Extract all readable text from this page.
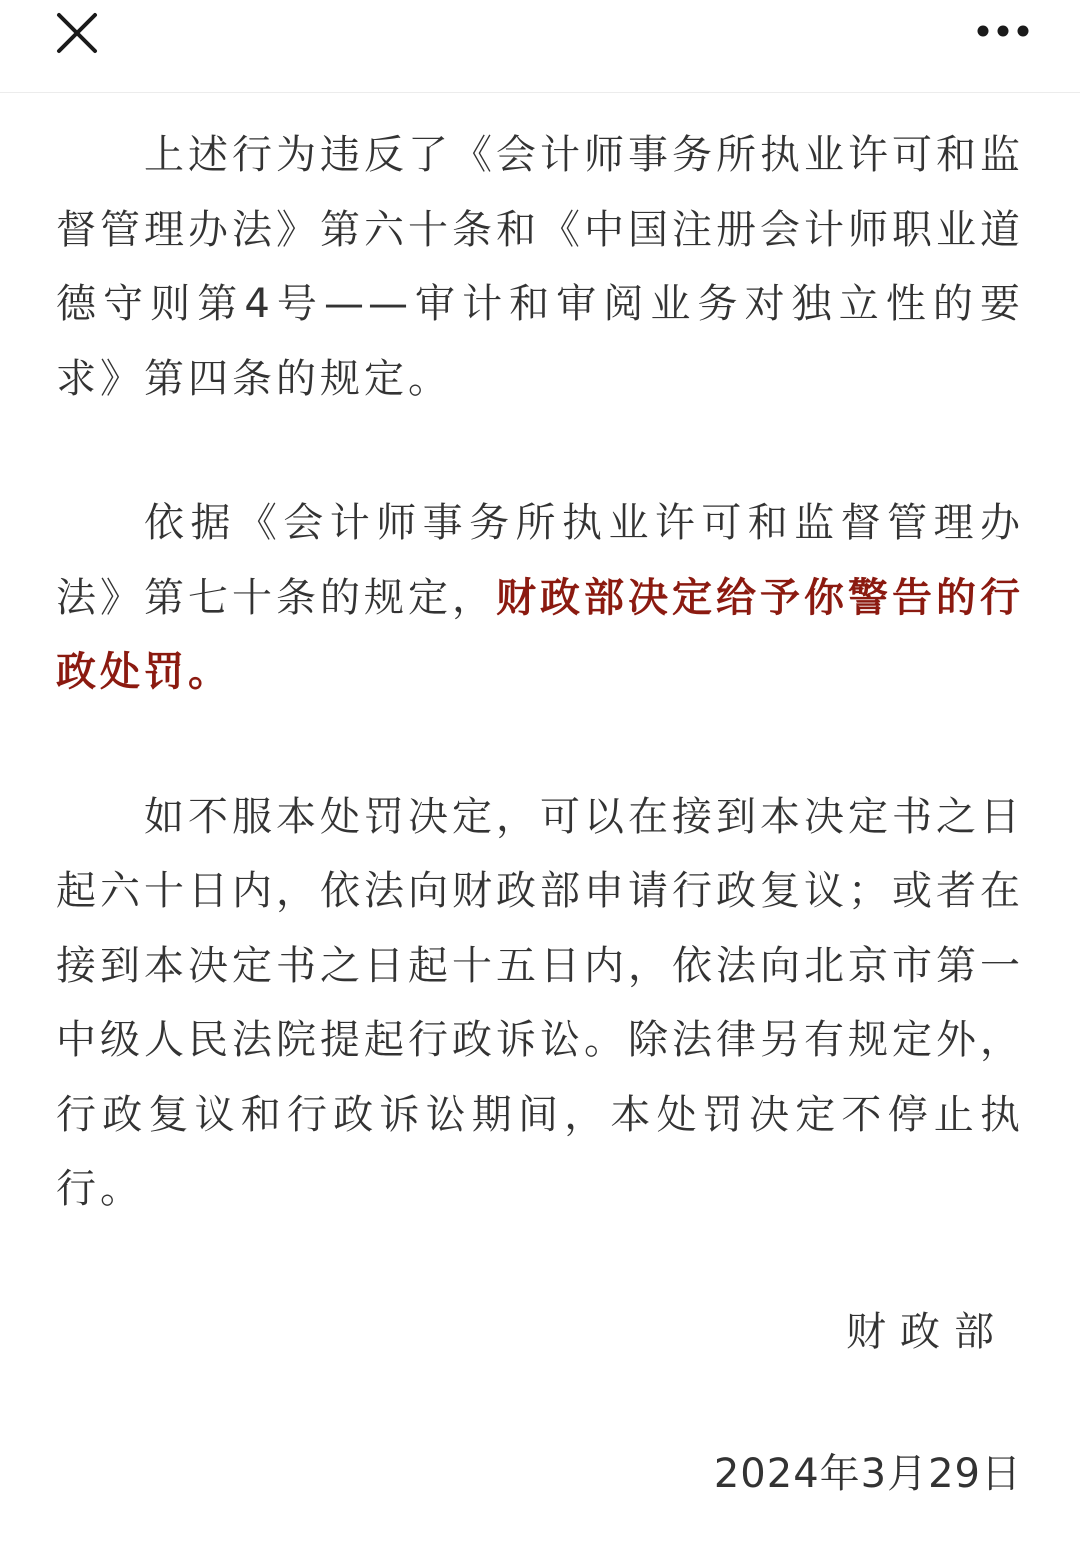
上述行为违反了《会计师事务所执业许可和监督管理办法》第六十条和《中国注册会计师职业道德守则第4号——审计和审阅业务对独立性的要求》第四条的规定。

依据《会计师事务所执业许可和监督管理办法》第七十条的规定，财政部决定给予你警告的行政处罚。

如不服本处罚决定，可以在接到本决定书之日起六十日内，依法向财政部申请行政复议；或者在接到本决定书之日起十五日内，依法向北京市第一中级人民法院提起行政诉讼。除法律另有规定外，行政复议和行政诉讼期间，本处罚决定不停止执行。

财政部
2024年3月29日
